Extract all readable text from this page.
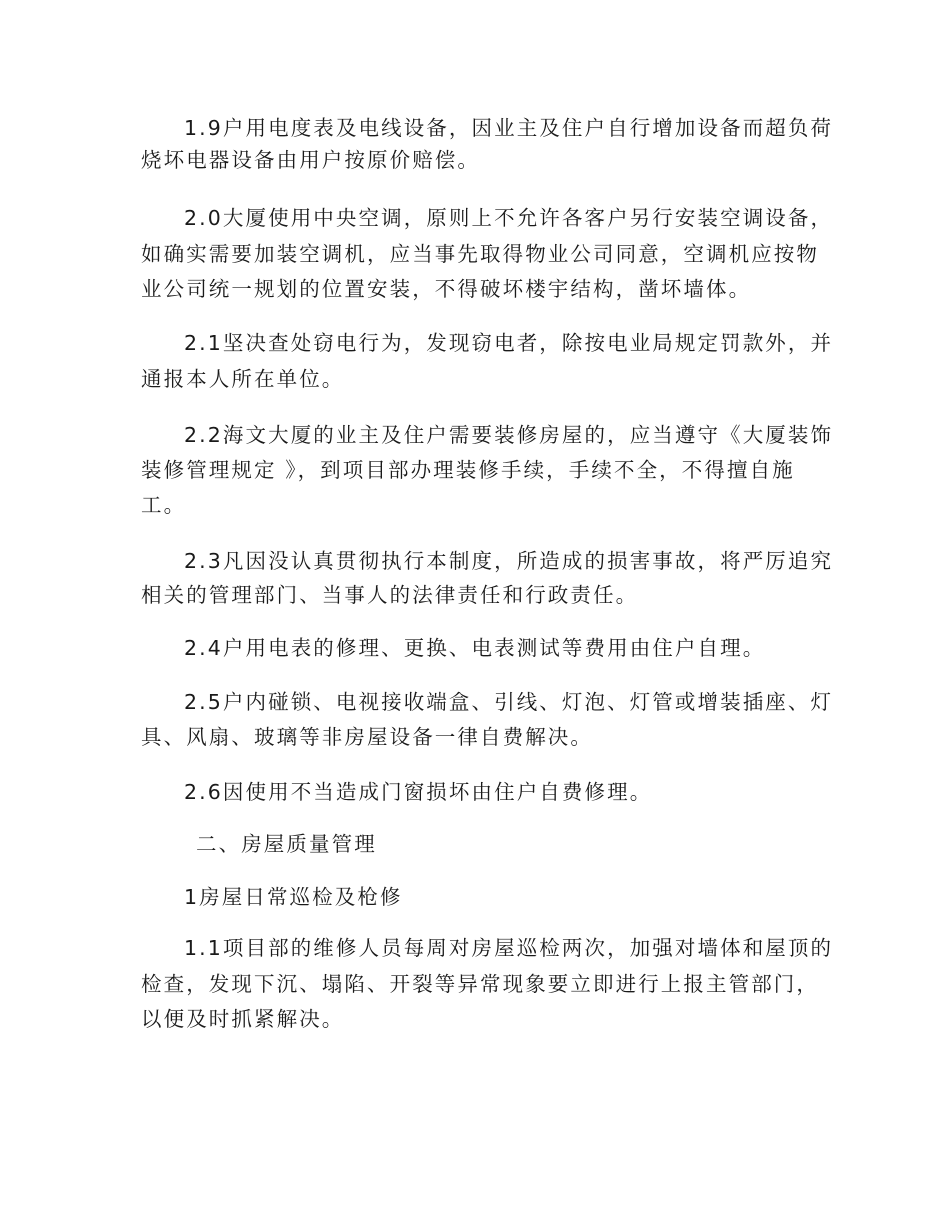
1.9户用电度表及电线设备，因业主及住户自行增加设备而超负荷
烧坏电器设备由用户按原价赔偿。
2.0大厦使用中央空调，原则上不允许各客户另行安装空调设备，
如确实需要加装空调机，应当事先取得物业公司同意，空调机应按物
业公司统一规划的位置安装，不得破坏楼宇结构，凿坏墙体。
2.1坚决查处窃电行为，发现窃电者，除按电业局规定罚款外，并
通报本人所在单位。
2.2海文大厦的业主及住户需要装修房屋的，应当遵守《大厦装饰
装修管理规定 》，到项目部办理装修手续，手续不全，不得擅自施
工。
2.3凡因没认真贯彻执行本制度，所造成的损害事故，将严厉追究
相关的管理部门、当事人的法律责任和行政责任。
2.4户用电表的修理、更换、电表测试等费用由住户自理。
2.5户内碰锁、电视接收端盒、引线、灯泡、灯管或增装插座、灯
具、风扇、玻璃等非房屋设备一律自费解决。
2.6因使用不当造成门窗损坏由住户自费修理。
二、房屋质量管理
1房屋日常巡检及枪修
1.1项目部的维修人员每周对房屋巡检两次，加强对墙体和屋顶的
检查，发现下沉、塌陷、开裂等异常现象要立即进行上报主管部门，
以便及时抓紧解决。
